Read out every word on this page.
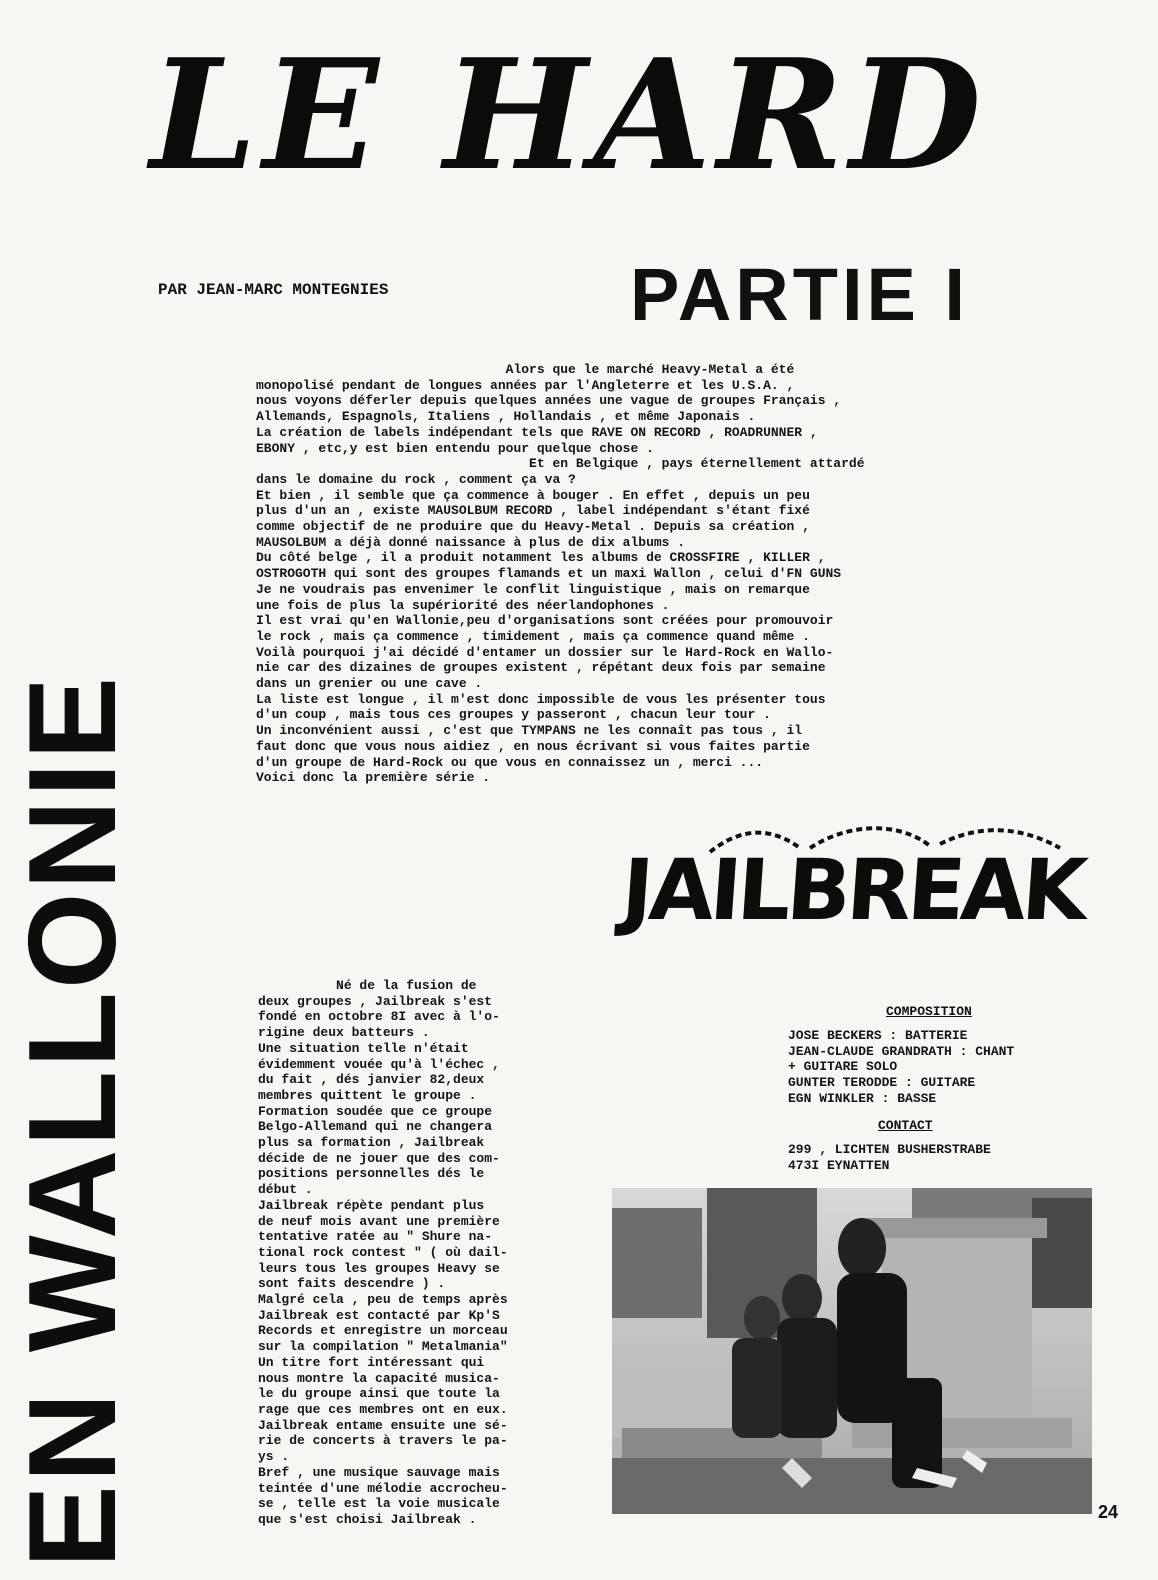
EN WALLONIE
LE HARD
PAR JEAN-MARC MONTEGNIES	PARTIE I
Alors que le marché Heavy-Metal a été
monopolisé pendant de longues années par l'Angleterre et les U.S.A. ,
nous voyons déferler depuis quelques années une vague de groupes Français ,
Allemands, Espagnols, Italiens , Hollandais , et même Japonais .
La création de labels indépendant tels que RAVE ON RECORD , ROADRUNNER ,
EBONY , etc,y est bien entendu pour quelque chose .
Et en Belgique , pays éternellement attardé
dans le domaine du rock , comment ça va ?
Et bien , il semble que ça commence à bouger . En effet , depuis un peu
plus d'un an , existe MAUSOLBUM RECORD , label indépendant s'étant fixé
comme objectif de ne produire que du Heavy-Metal . Depuis sa création ,
MAUSOLBUM a déjà donné naissance à plus de dix albums .
Du côté belge , il a produit notamment les albums de CROSSFIRE , KILLER ,
OSTROGOTH qui sont des groupes flamands et un maxi Wallon , celui d'FN GUNS
Je ne voudrais pas envenimer le conflit linguistique , mais on remarque
une fois de plus la supériorité des néerlandophones .
Il est vrai qu'en Wallonie,peu d'organisations sont créées pour promouvoir
le rock , mais ça commence , timidement , mais ça commence quand même .
Voilà pourquoi j'ai décidé d'entamer un dossier sur le Hard-Rock en Wallo-
nie car des dizaines de groupes existent , répétant deux fois par semaine
dans un grenier ou une cave .
La liste est longue , il m'est donc impossible de vous les présenter tous
d'un coup , mais tous ces groupes y passeront , chacun leur tour .
Un inconvénient aussi , c'est que TYMPANS ne les connaît pas tous , il
faut donc que vous nous aidiez , en nous écrivant si vous faites partie
d'un groupe de Hard-Rock ou que vous en connaissez un , merci ...
Voici donc la première série .
JAILBREAK
Né de la fusion de
deux groupes , Jailbreak s'est
fondé en octobre 8I avec à l'o-
rigine deux batteurs .
Une situation telle n'était
évidemment vouée qu'à l'échec ,
du fait , dés janvier 82,deux
membres quittent le groupe .
Formation soudée que ce groupe
Belgo-Allemand qui ne changera
plus sa formation , Jailbreak
décide de ne jouer que des com-
positions personnelles dés le
début .
Jailbreak répète pendant plus
de neuf mois avant une première
tentative ratée au " Shure na-
tional rock contest " ( où dail-
leurs tous les groupes Heavy se
sont faits descendre ) .
Malgré cela , peu de temps après
Jailbreak est contacté par Kp'S
Records et enregistre un morceau
sur la compilation " Metalmania"
Un titre fort intéressant qui
nous montre la capacité musica-
le du groupe ainsi que toute la
rage que ces membres ont en eux.
Jailbreak entame ensuite une sé-
rie de concerts à travers le pa-
ys .
Bref , une musique sauvage mais
teintée d'une mélodie accrocheu-
se , telle est la voie musicale
que s'est choisi Jailbreak .
COMPOSITION
JOSE BECKERS : BATTERIE
JEAN-CLAUDE GRANDRATH : CHANT
+ GUITARE SOLO
GUNTER TERODDE : GUITARE
EGN WINKLER : BASSE
CONTACT
299 , LICHTEN BUSHERSTRABE
473I EYNATTEN
24
